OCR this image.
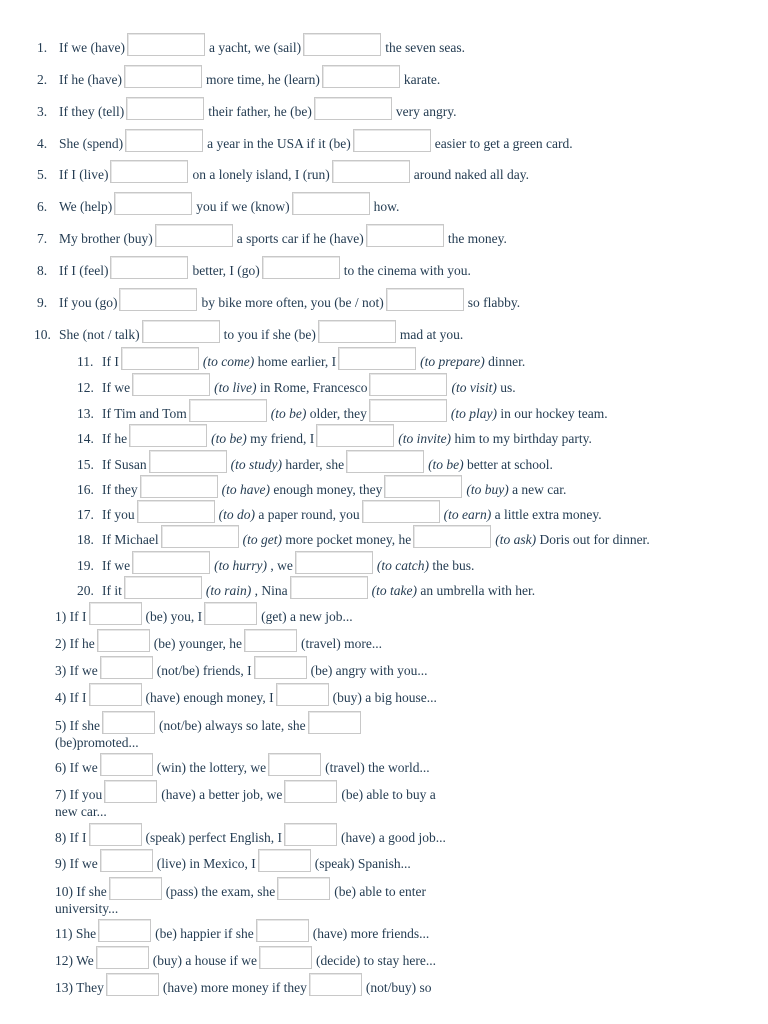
1. If we (have)	a yacht, we (sail)	the seven seas.
2. If he (have)	more time, he (learn)	karate.
3. If they (tell)	their father, he (be)	very angry.
4. She (spend)	a year in the USA if it (be)	easier to get a green card.
5. If I (live)	on a lonely island, I (run)	around naked all day.
6. We (help)	you if we (know)	how.
7. My brother (buy)	a sports car if he (have)	the money.
8. If I (feel)	better, I (go)	to the cinema with you.
9. If you (go)	by bike more often, you (be / not)	so flabby.
10. She (not / talk)	to you if she (be)	mad at you.
11. If I	(to come) home earlier, I	(to prepare) dinner.
12. If we	(to live) in Rome, Francesco	(to visit) us.
13. If Tim and Tom	(to be) older, they	(to play) in our hockey team.
14. If he	(to be) my friend, I	(to invite) him to my birthday party.
15. If Susan	(to study) harder, she	(to be) better at school.
16. If they	(to have) enough money, they	(to buy) a new car.
17. If you	(to do) a paper round, you	(to earn) a little extra money.
18. If Michael	(to get) more pocket money, he	(to ask) Doris out for dinner.
19. If we	(to hurry) , we	(to catch) the bus.
20. If it	(to rain) , Nina	(to take) an umbrella with her.
1) If I	(be) you, I	(get) a new job...
2) If he	(be) younger, he	(travel) more...
3) If we	(not/be) friends, I	(be) angry with you...
4) If I	(have) enough money, I	(buy) a big house...
5) If she	(not/be) always so late, she
(be)promoted...
6) If we	(win) the lottery, we	(travel) the world...
7) If you	(have) a better job, we	(be) able to buy a
new car...
8) If I	(speak) perfect English, I	(have) a good job...
9) If we	(live) in Mexico, I	(speak) Spanish...
10) If she	(pass) the exam, she	(be) able to enter
university...
11) She	(be) happier if she	(have) more friends...
12) We	(buy) a house if we	(decide) to stay here...
13) They	(have) more money if they	(not/buy) so
